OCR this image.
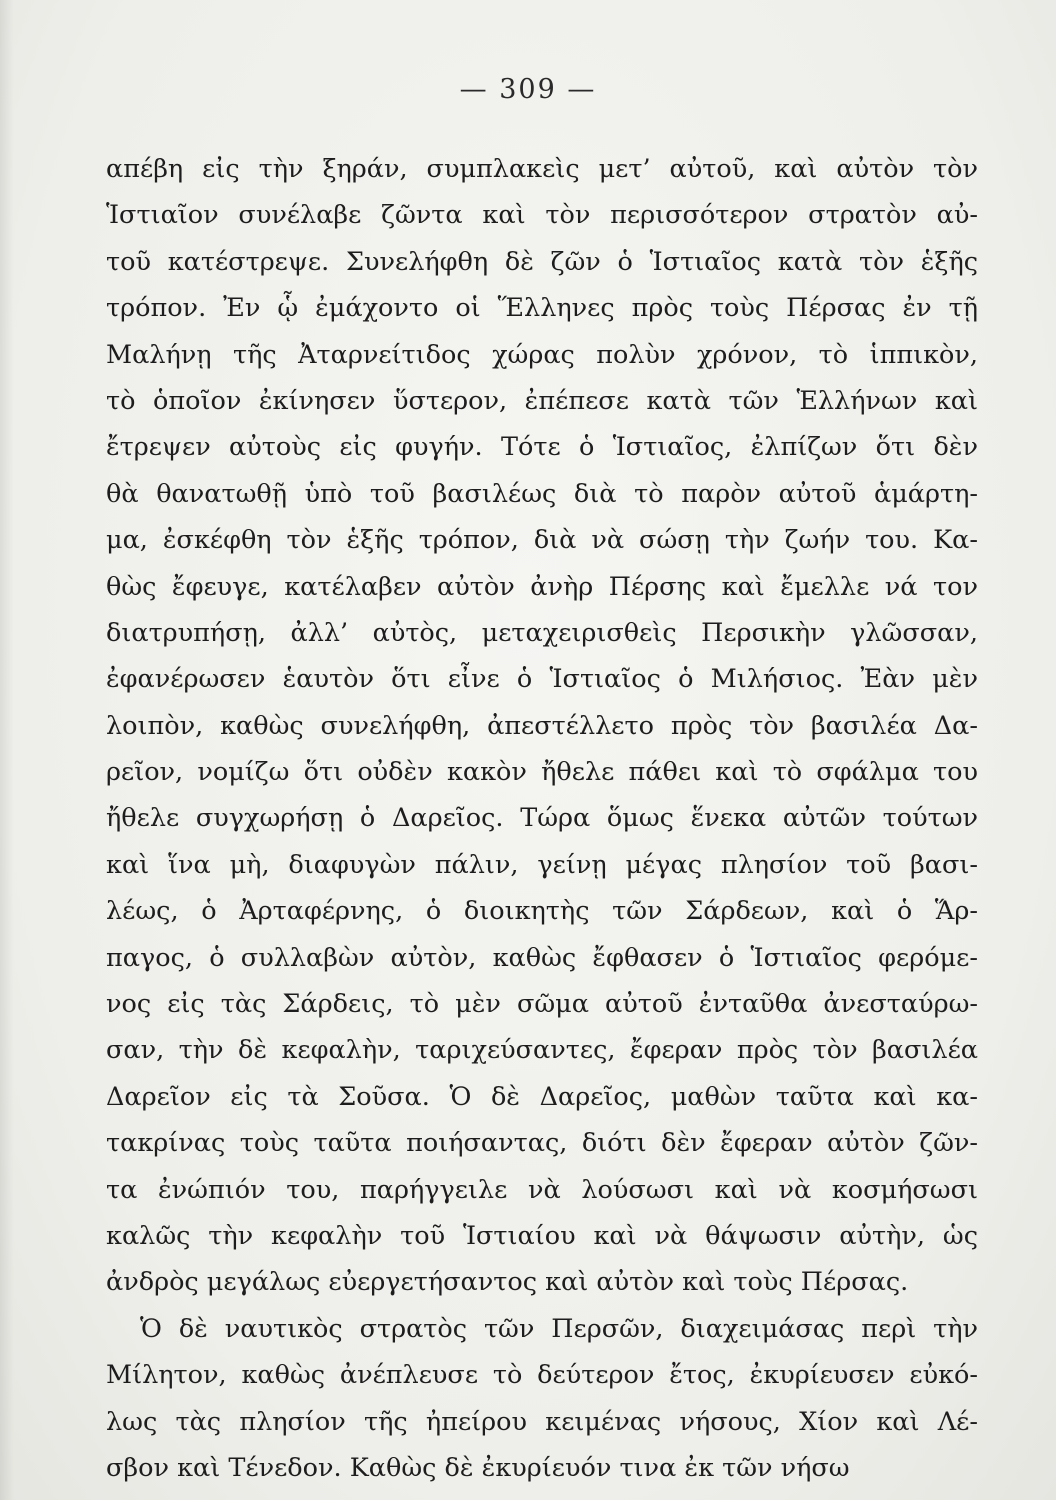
— 309 —
απέβη εἰς τὴν ξηράν, συμπλακεὶς μετ’ αὐτοῦ, καὶ αὐτὸν τὸν
Ἱστιαῖον συνέλαβε ζῶντα καὶ τὸν περισσότερον στρατὸν αὐ-
τοῦ κατέστρεψε. Συνελήφθη δὲ ζῶν ὁ Ἱστιαῖος κατὰ τὸν ἑξῆς
τρόπον. Ἐν ᾧ ἐμάχοντο οἱ Ἕλληνες πρὸς τοὺς Πέρσας ἐν τῇ
Μαλήνῃ τῆς Ἀταρνείτιδος χώρας πολὺν χρόνον, τὸ ἱππικὸν,
τὸ ὁποῖον ἐκίνησεν ὕστερον, ἐπέπεσε κατὰ τῶν Ἑλλήνων καὶ
ἔτρεψεν αὐτοὺς εἰς φυγήν. Τότε ὁ Ἱστιαῖος, ἐλπίζων ὅτι δὲν
θὰ θανατωθῇ ὑπὸ τοῦ βασιλέως διὰ τὸ παρὸν αὐτοῦ ἁμάρτη-
μα, ἐσκέφθη τὸν ἑξῆς τρόπον, διὰ νὰ σώσῃ τὴν ζωήν του. Κα-
θὼς ἔφευγε, κατέλαβεν αὐτὸν ἀνὴρ Πέρσης καὶ ἔμελλε νά τον
διατρυπήσῃ, ἀλλ’ αὐτὸς, μεταχειρισθεὶς Περσικὴν γλῶσσαν,
ἐφανέρωσεν ἑαυτὸν ὅτι εἶνε ὁ Ἱστιαῖος ὁ Μιλήσιος. Ἐὰν μὲν
λοιπὸν, καθὼς συνελήφθη, ἀπεστέλλετο πρὸς τὸν βασιλέα Δα-
ρεῖον, νομίζω ὅτι οὐδὲν κακὸν ἤθελε πάθει καὶ τὸ σφάλμα του
ἤθελε συγχωρήσῃ ὁ Δαρεῖος. Τώρα ὅμως ἕνεκα αὐτῶν τούτων
καὶ ἵνα μὴ, διαφυγὼν πάλιν, γείνῃ μέγας πλησίον τοῦ βασι-
λέως, ὁ Ἀρταφέρνης, ὁ διοικητὴς τῶν Σάρδεων, καὶ ὁ Ἅρ-
παγος, ὁ συλλαβὼν αὐτὸν, καθὼς ἔφθασεν ὁ Ἱστιαῖος φερόμε-
νος εἰς τὰς Σάρδεις, τὸ μὲν σῶμα αὐτοῦ ἐνταῦθα ἀνεσταύρω-
σαν, τὴν δὲ κεφαλὴν, ταριχεύσαντες, ἔφεραν πρὸς τὸν βασιλέα
Δαρεῖον εἰς τὰ Σοῦσα. Ὁ δὲ Δαρεῖος, μαθὼν ταῦτα καὶ κα-
τακρίνας τοὺς ταῦτα ποιήσαντας, διότι δὲν ἔφεραν αὐτὸν ζῶν-
τα ἐνώπιόν του, παρήγγειλε νὰ λούσωσι καὶ νὰ κοσμήσωσι
καλῶς τὴν κεφαλὴν τοῦ Ἱστιαίου καὶ νὰ θάψωσιν αὐτὴν, ὡς
ἀνδρὸς μεγάλως εὐεργετήσαντος καὶ αὐτὸν καὶ τοὺς Πέρσας.
Ὁ δὲ ναυτικὸς στρατὸς τῶν Περσῶν, διαχειμάσας περὶ τὴν
Μίλητον, καθὼς ἀνέπλευσε τὸ δεύτερον ἔτος, ἐκυρίευσεν εὐκό-
λως τὰς πλησίον τῆς ἠπείρου κειμένας νήσους, Χίον καὶ Λέ-
σβον καὶ Τένεδον. Καθὼς δὲ ἐκυρίευόν τινα ἐκ τῶν νήσω
